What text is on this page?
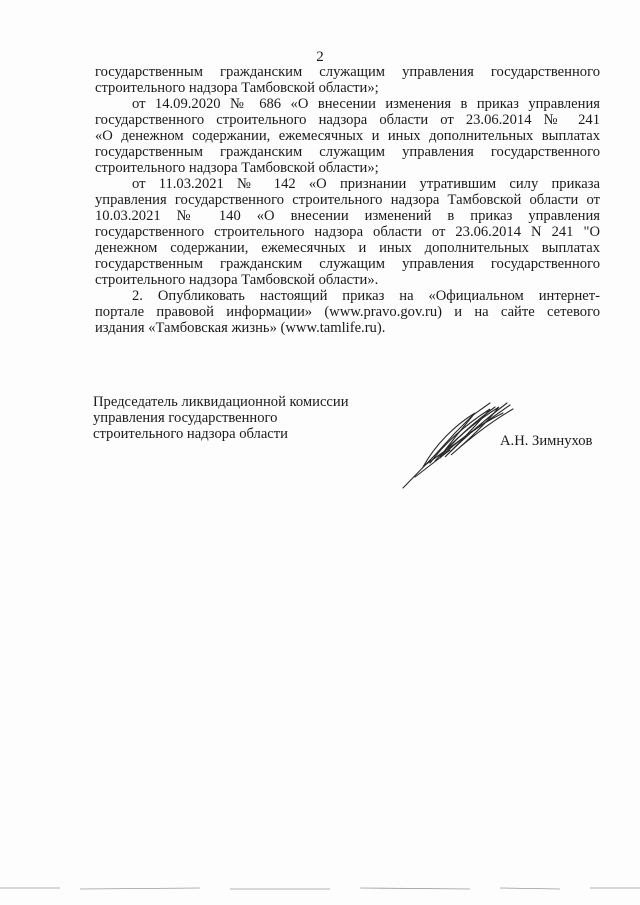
2
государственным гражданским служащим управления государственного
строительного надзора Тамбовской области»;
от 14.09.2020 № 686 «О внесении изменения в приказ управления
государственного строительного надзора области от 23.06.2014 № 241
«О денежном содержании, ежемесячных и иных дополнительных выплатах
государственным гражданским служащим управления государственного
строительного надзора Тамбовской области»;
от 11.03.2021 № 142 «О признании утратившим силу приказа
управления государственного строительного надзора Тамбовской области от
10.03.2021 № 140 «О внесении изменений в приказ управления
государственного строительного надзора области от 23.06.2014 N 241 "О
денежном содержании, ежемесячных и иных дополнительных выплатах
государственным гражданским служащим управления государственного
строительного надзора Тамбовской области».
2. Опубликовать настоящий приказ на «Официальном интернет-
портале правовой информации» (www.pravo.gov.ru) и на сайте сетевого
издания «Тамбовская жизнь» (www.tamlife.ru).
Председатель ликвидационной комиссии
управления государственного
строительного надзора области	А.Н. Зимнухов
